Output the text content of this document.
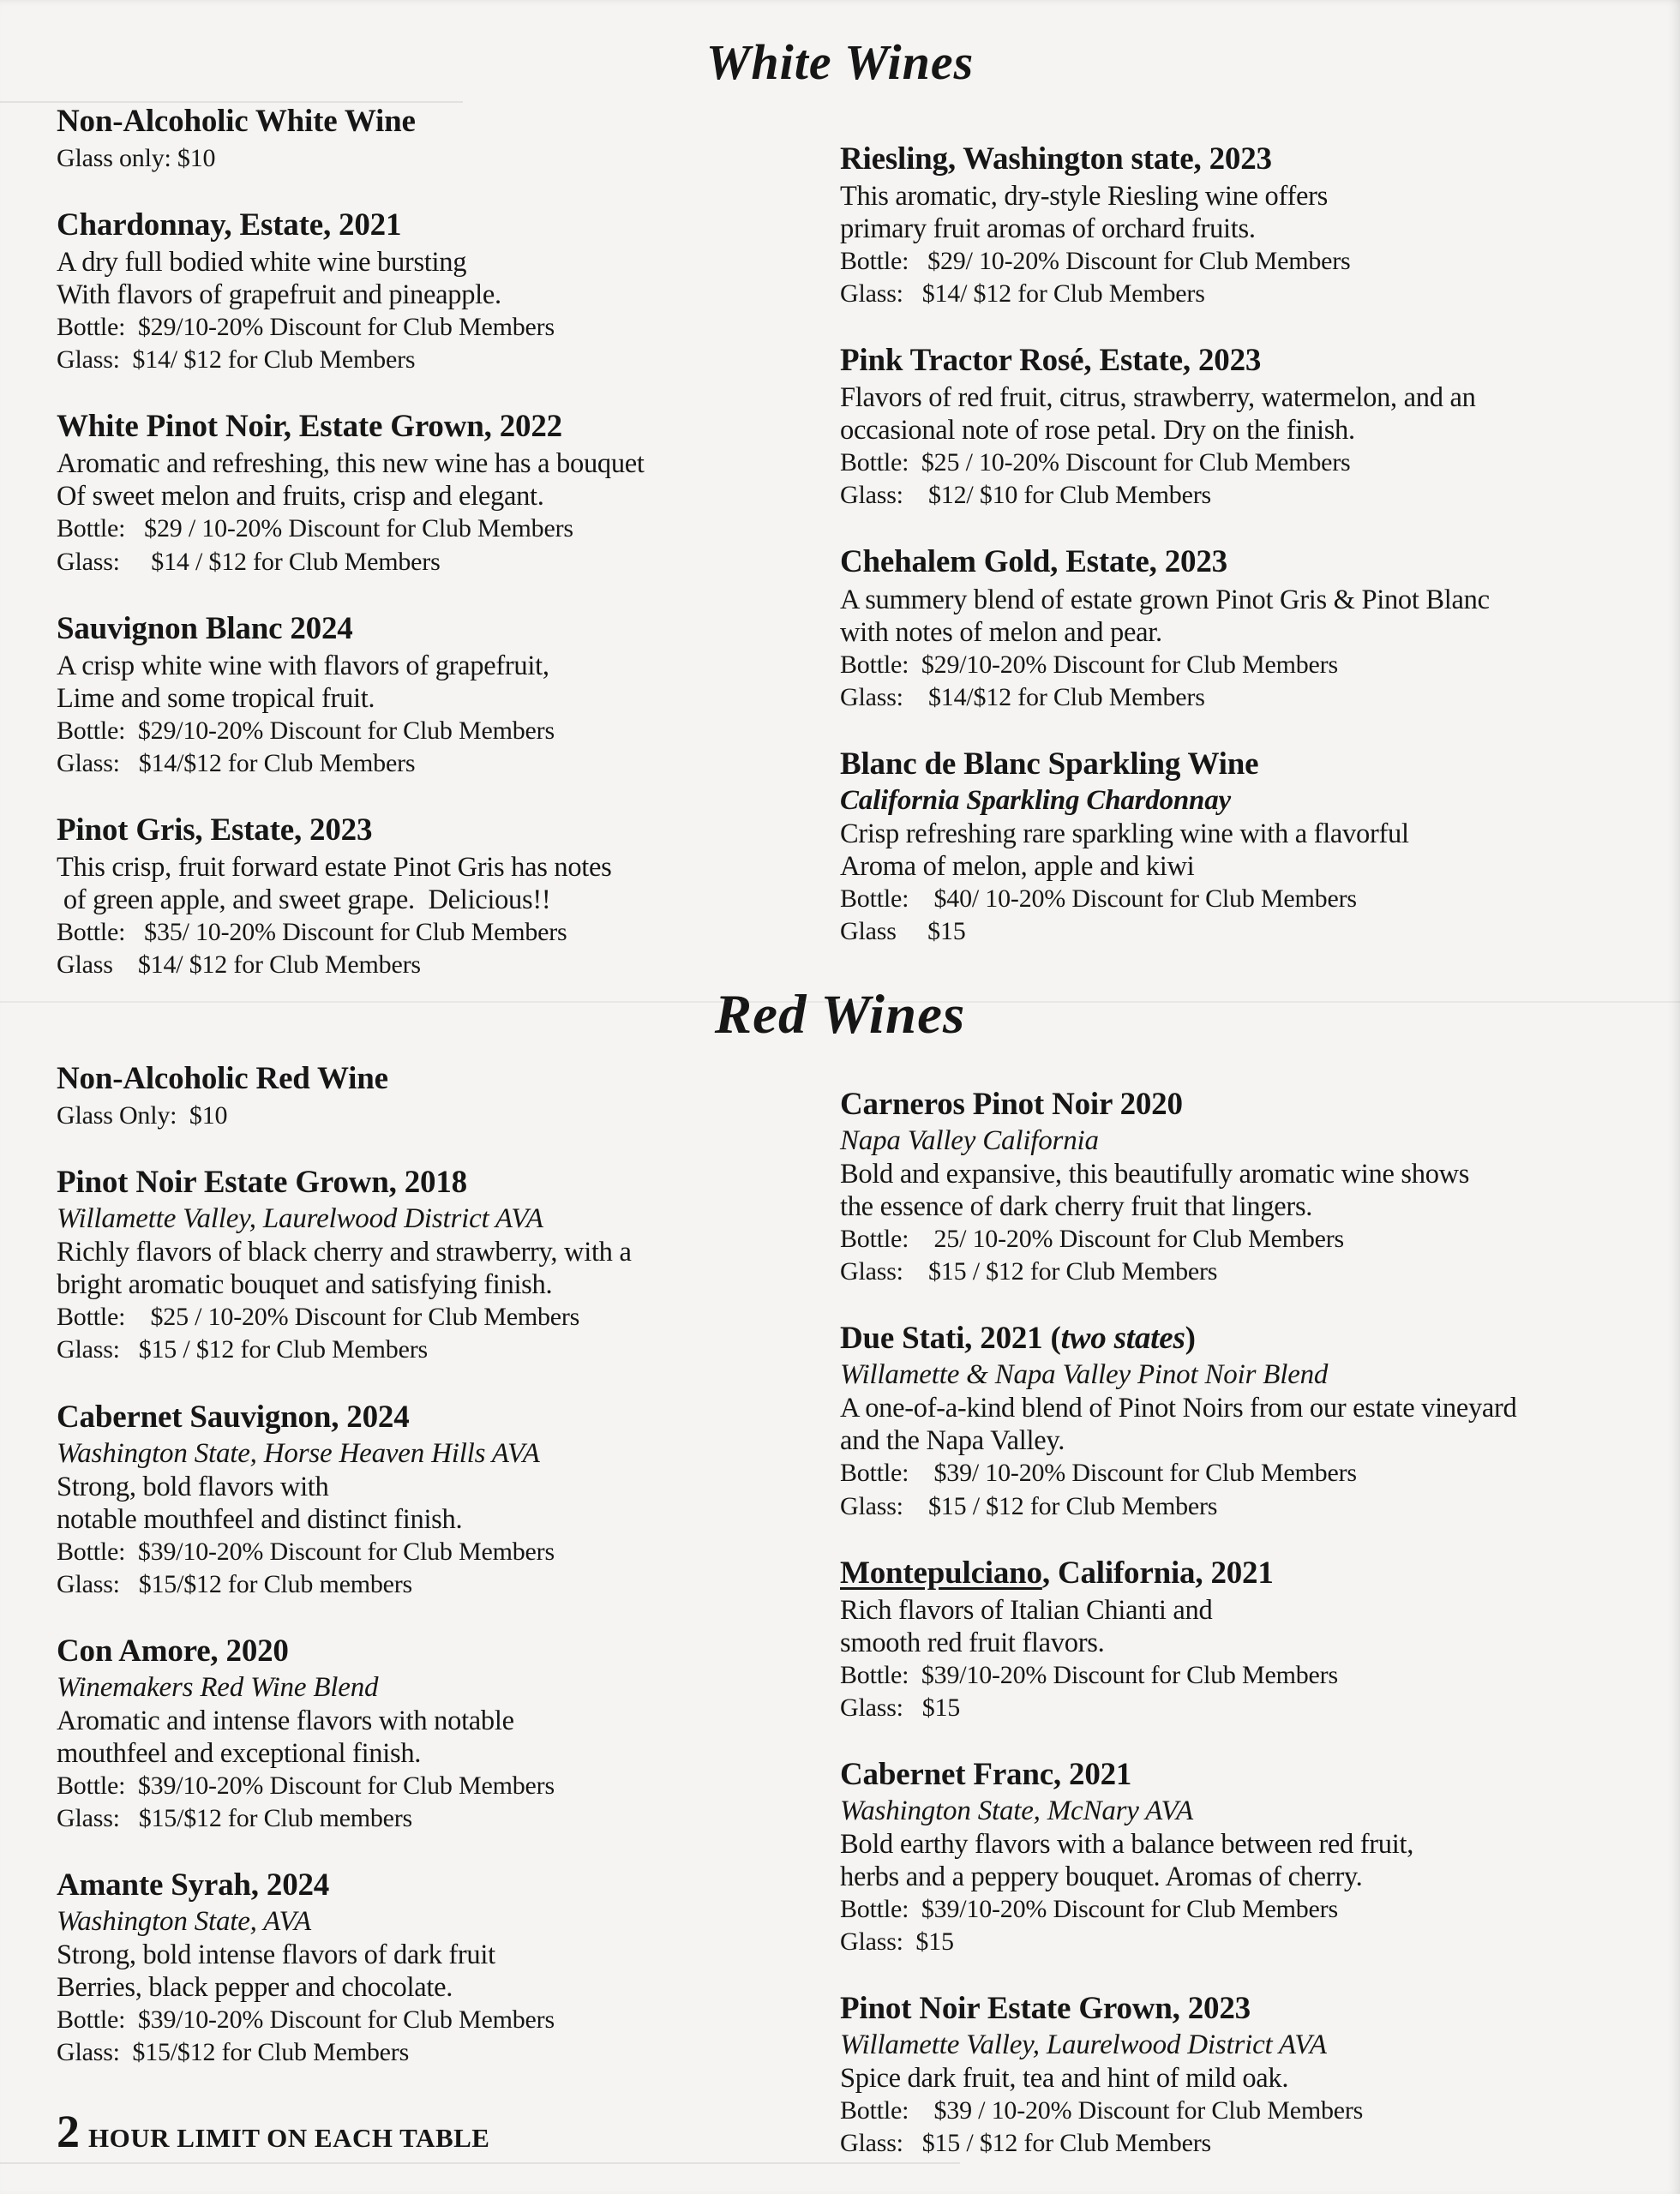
White Wines
Non-Alcoholic White Wine
Glass only: $10
Chardonnay, Estate, 2021
A dry full bodied white wine bursting
With flavors of grapefruit and pineapple.
Bottle:  $29/10-20% Discount for Club Members
Glass:  $14/ $12 for Club Members
White Pinot Noir, Estate Grown, 2022
Aromatic and refreshing, this new wine has a bouquet
Of sweet melon and fruits, crisp and elegant.
Bottle:   $29 / 10-20% Discount for Club Members
Glass:     $14 / $12 for Club Members
Sauvignon Blanc 2024
A crisp white wine with flavors of grapefruit,
Lime and some tropical fruit.
Bottle:  $29/10-20% Discount for Club Members
Glass:   $14/$12 for Club Members
Pinot Gris, Estate, 2023
This crisp, fruit forward estate Pinot Gris has notes
of green apple, and sweet grape.  Delicious!!
Bottle:   $35/ 10-20% Discount for Club Members
Glass    $14/ $12 for Club Members
Riesling, Washington state, 2023
This aromatic, dry-style Riesling wine offers
primary fruit aromas of orchard fruits.
Bottle:   $29/ 10-20% Discount for Club Members
Glass:   $14/ $12 for Club Members
Pink Tractor Rosé, Estate, 2023
Flavors of red fruit, citrus, strawberry, watermelon, and an
occasional note of rose petal. Dry on the finish.
Bottle:  $25 / 10-20% Discount for Club Members
Glass:    $12/ $10 for Club Members
Chehalem Gold, Estate, 2023
A summery blend of estate grown Pinot Gris & Pinot Blanc
with notes of melon and pear.
Bottle:  $29/10-20% Discount for Club Members
Glass:    $14/$12 for Club Members
Blanc de Blanc Sparkling Wine
California Sparkling Chardonnay
Crisp refreshing rare sparkling wine with a flavorful
Aroma of melon, apple and kiwi
Bottle:    $40/ 10-20% Discount for Club Members
Glass     $15
Red Wines
Non-Alcoholic Red Wine
Glass Only:  $10
Pinot Noir Estate Grown, 2018
Willamette Valley, Laurelwood District AVA
Richly flavors of black cherry and strawberry, with a
bright aromatic bouquet and satisfying finish.
Bottle:    $25 / 10-20% Discount for Club Members
Glass:   $15 / $12 for Club Members
Cabernet Sauvignon, 2024
Washington State, Horse Heaven Hills AVA
Strong, bold flavors with
notable mouthfeel and distinct finish.
Bottle:  $39/10-20% Discount for Club Members
Glass:   $15/$12 for Club members
Con Amore, 2020
Winemakers Red Wine Blend
Aromatic and intense flavors with notable
mouthfeel and exceptional finish.
Bottle:  $39/10-20% Discount for Club Members
Glass:   $15/$12 for Club members
Amante Syrah, 2024
Washington State, AVA
Strong, bold intense flavors of dark fruit
Berries, black pepper and chocolate.
Bottle:  $39/10-20% Discount for Club Members
Glass:  $15/$12 for Club Members
2 HOUR LIMIT ON EACH TABLE
Carneros Pinot Noir 2020
Napa Valley California
Bold and expansive, this beautifully aromatic wine shows
the essence of dark cherry fruit that lingers.
Bottle:    25/ 10-20% Discount for Club Members
Glass:    $15 / $12 for Club Members
Due Stati, 2021 (two states)
Willamette & Napa Valley Pinot Noir Blend
A one-of-a-kind blend of Pinot Noirs from our estate vineyard
and the Napa Valley.
Bottle:    $39/ 10-20% Discount for Club Members
Glass:    $15 / $12 for Club Members
Montepulciano, California, 2021
Rich flavors of Italian Chianti and
smooth red fruit flavors.
Bottle:  $39/10-20% Discount for Club Members
Glass:   $15
Cabernet Franc, 2021
Washington State, McNary AVA
Bold earthy flavors with a balance between red fruit,
herbs and a peppery bouquet. Aromas of cherry.
Bottle:  $39/10-20% Discount for Club Members
Glass:  $15
Pinot Noir Estate Grown, 2023
Willamette Valley, Laurelwood District AVA
Spice dark fruit, tea and hint of mild oak.
Bottle:    $39 / 10-20% Discount for Club Members
Glass:   $15 / $12 for Club Members
